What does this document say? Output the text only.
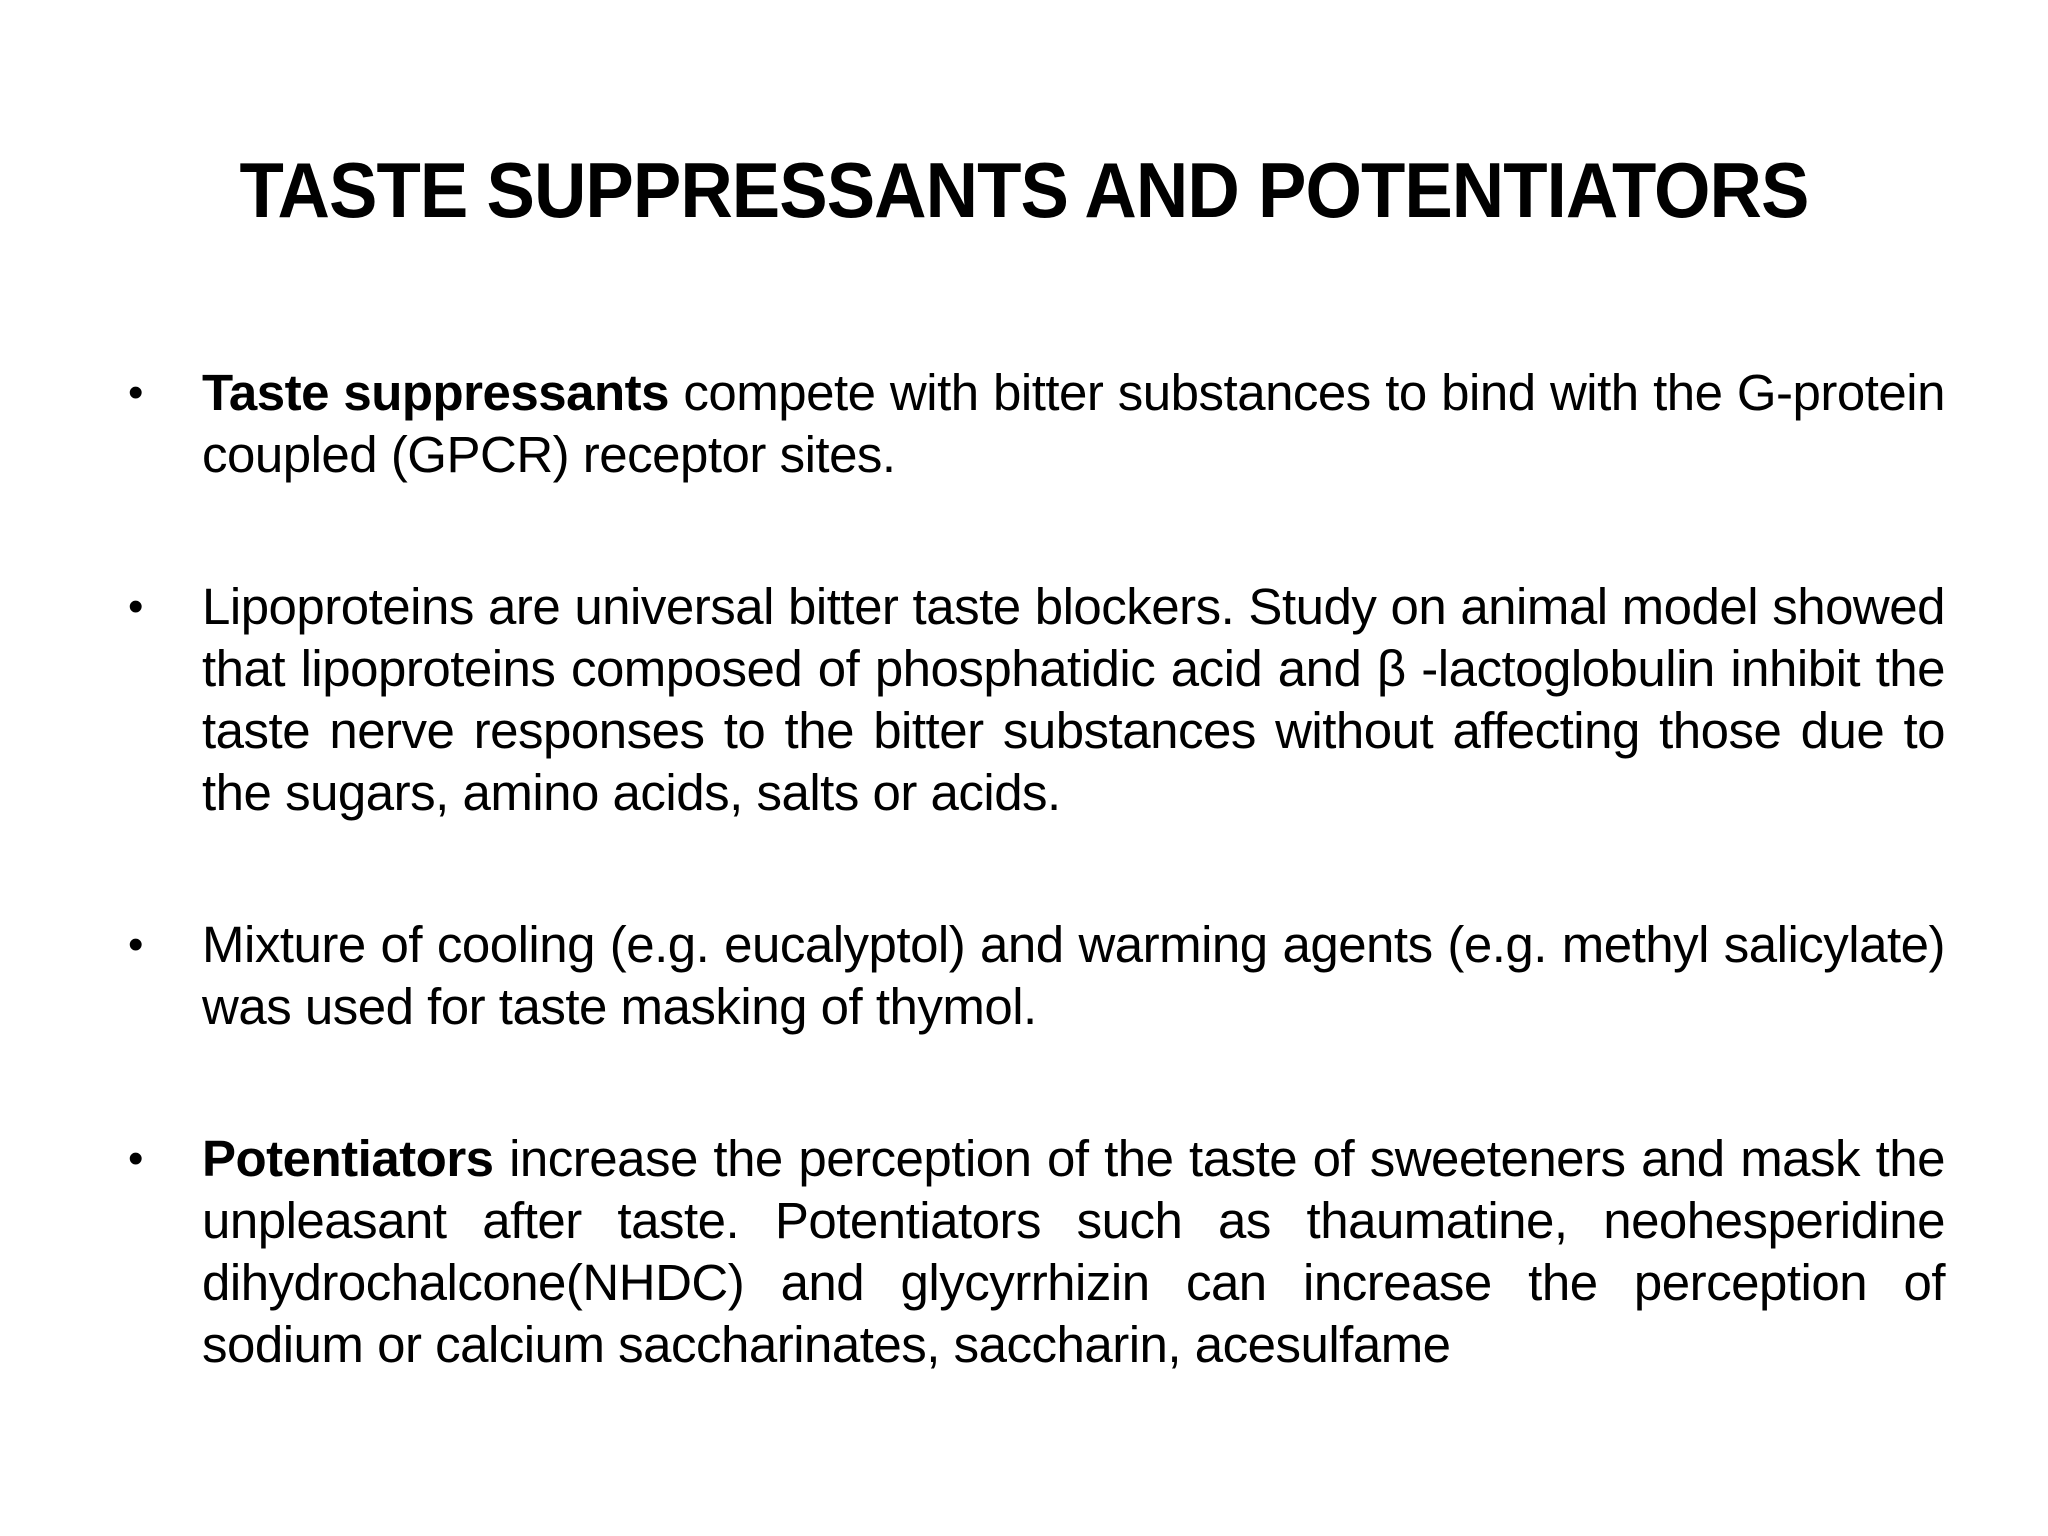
TASTE SUPPRESSANTS AND POTENTIATORS
• Taste suppressants compete with bitter substances to bind with the G-protein coupled (GPCR) receptor sites.
• Lipoproteins are universal bitter taste blockers. Study on animal model showed that lipoproteins composed of phosphatidic acid and β -lactoglobulin inhibit the taste nerve responses to the bitter substances without affecting those due to the sugars, amino acids, salts or acids.
• Mixture of cooling (e.g. eucalyptol) and warming agents (e.g. methyl salicylate) was used for taste masking of thymol.
• Potentiators increase the perception of the taste of sweeteners and mask the unpleasant after taste. Potentiators such as thaumatine, neohesperidine dihydrochalcone(NHDC) and glycyrrhizin can increase the perception of sodium or calcium saccharinates, saccharin, acesulfame
